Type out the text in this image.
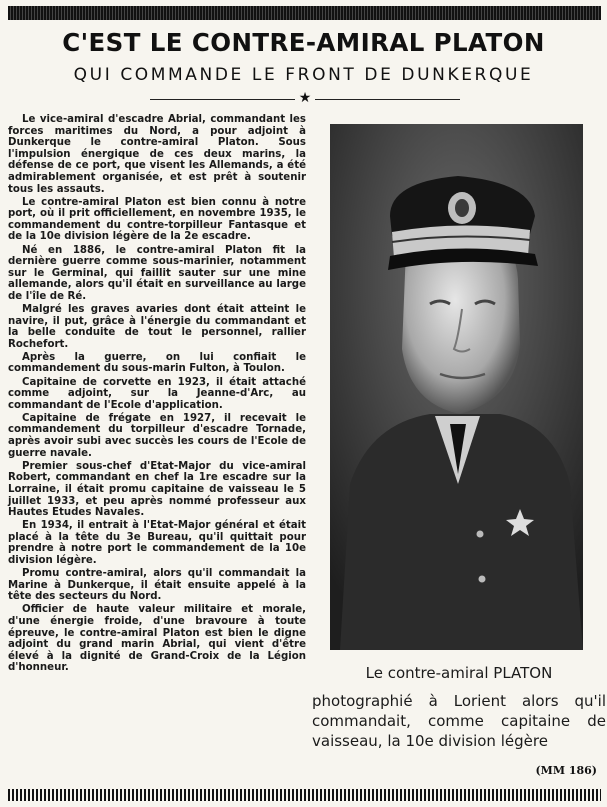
C'EST LE CONTRE-AMIRAL PLATON
QUI COMMANDE LE FRONT DE DUNKERQUE
★

Le vice-amiral d'escadre Abrial, commandant les forces maritimes du Nord, a pour adjoint à Dunkerque le contre-amiral Platon. Sous l'impulsion énergique de ces deux marins, la défense de ce port, que visent les Allemands, a été admirablement organisée, et est prêt à soutenir tous les assauts.

Le contre-amiral Platon est bien connu à notre port, où il prit officiellement, en novembre 1935, le commandement du contre-torpilleur Fantasque et de la 10e division légère de la 2e escadre.

Né en 1886, le contre-amiral Platon fit la dernière guerre comme sous-marinier, notamment sur le Germinal, qui faillit sauter sur une mine allemande, alors qu'il était en surveillance au large de l'île de Ré.

Malgré les graves avaries dont était atteint le navire, il put, grâce à l'énergie du commandant et la belle conduite de tout le personnel, rallier Rochefort.

Après la guerre, on lui confiait le commandement du sous-marin Fulton, à Toulon.

Capitaine de corvette en 1923, il était attaché comme adjoint, sur la Jeanne-d'Arc, au commandant de l'Ecole d'application.

Capitaine de frégate en 1927, il recevait le commandement du torpilleur d'escadre Tornade, après avoir subi avec succès les cours de l'Ecole de guerre navale.

Premier sous-chef d'Etat-Major du vice-amiral Robert, commandant en chef la 1re escadre sur la Lorraine, il était promu capitaine de vaisseau le 5 juillet 1933, et peu après nommé professeur aux Hautes Etudes Navales.

En 1934, il entrait à l'Etat-Major général et était placé à la tête du 3e Bureau, qu'il quittait pour prendre à notre port le commandement de la 10e division légère.

Promu contre-amiral, alors qu'il commandait la Marine à Dunkerque, il était ensuite appelé à la tête des secteurs du Nord.

Officier de haute valeur militaire et morale, d'une énergie froide, d'une bravoure à toute épreuve, le contre-amiral Platon est bien le digne adjoint du grand marin Abrial, qui vient d'être élevé à la dignité de Grand-Croix de la Légion d'honneur.	Le contre-amiral PLATON

photographié à Lorient alors qu'il commandait, comme capitaine de vaisseau, la 10e division légère

(MM 186)
